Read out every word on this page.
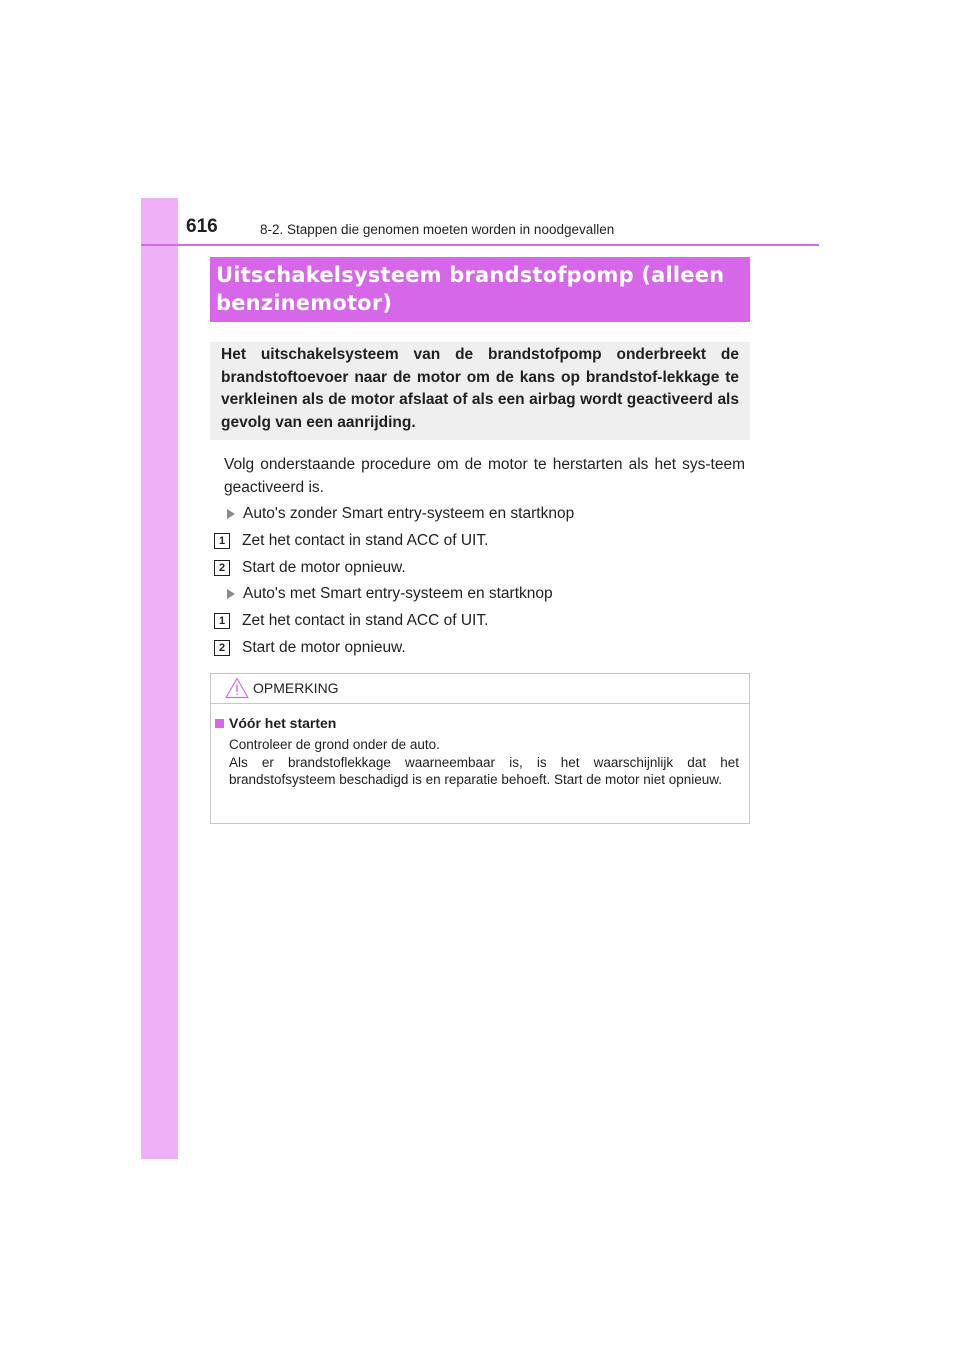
616	8-2. Stappen die genomen moeten worden in noodgevallen
Uitschakelsysteem brandstofpomp (alleen
benzinemotor)

Het uitschakelsysteem van de brandstofpomp onderbreekt de brandstoftoevoer naar de motor om de kans op brandstof-lekkage te verkleinen als de motor afslaat of als een airbag wordt geactiveerd als gevolg van een aanrijding.

Volg onderstaande procedure om de motor te herstarten als het sys-teem geactiveerd is.

Auto's zonder Smart entry-systeem en startknop
1	Zet het contact in stand ACC of UIT.
2	Start de motor opnieuw.
Auto's met Smart entry-systeem en startknop
1	Zet het contact in stand ACC of UIT.
2	Start de motor opnieuw.
OPMERKING
Vóór het starten

Controleer de grond onder de auto.

Als er brandstoflekkage waarneembaar is, is het waarschijnlijk dat het brandstofsysteem beschadigd is en reparatie behoeft. Start de motor niet opnieuw.
